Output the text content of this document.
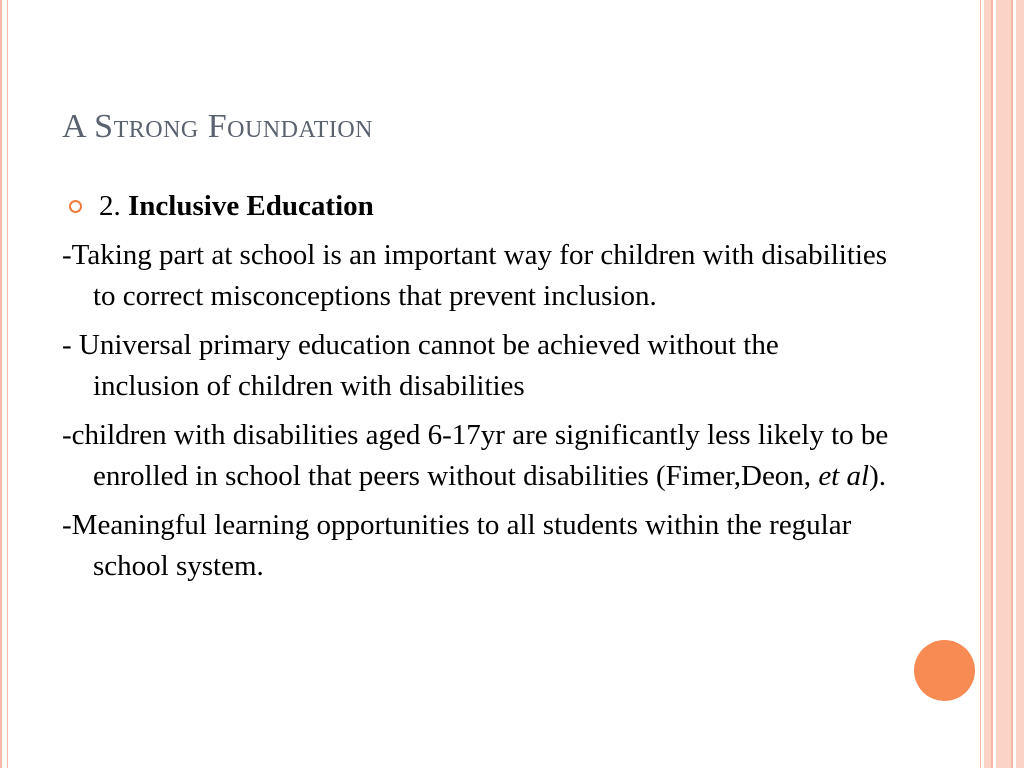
A Strong Foundation
2.
Inclusive Education

-Taking part at school is an important way for children with disabilities to correct misconceptions that prevent inclusion.

- Universal primary education cannot be achieved without the inclusion of children with disabilities

-children with disabilities aged 6-17yr are significantly less likely to be enrolled in school that peers without disabilities (Fimer,Deon, et al).

-Meaningful learning opportunities to all students within the regular school system.
